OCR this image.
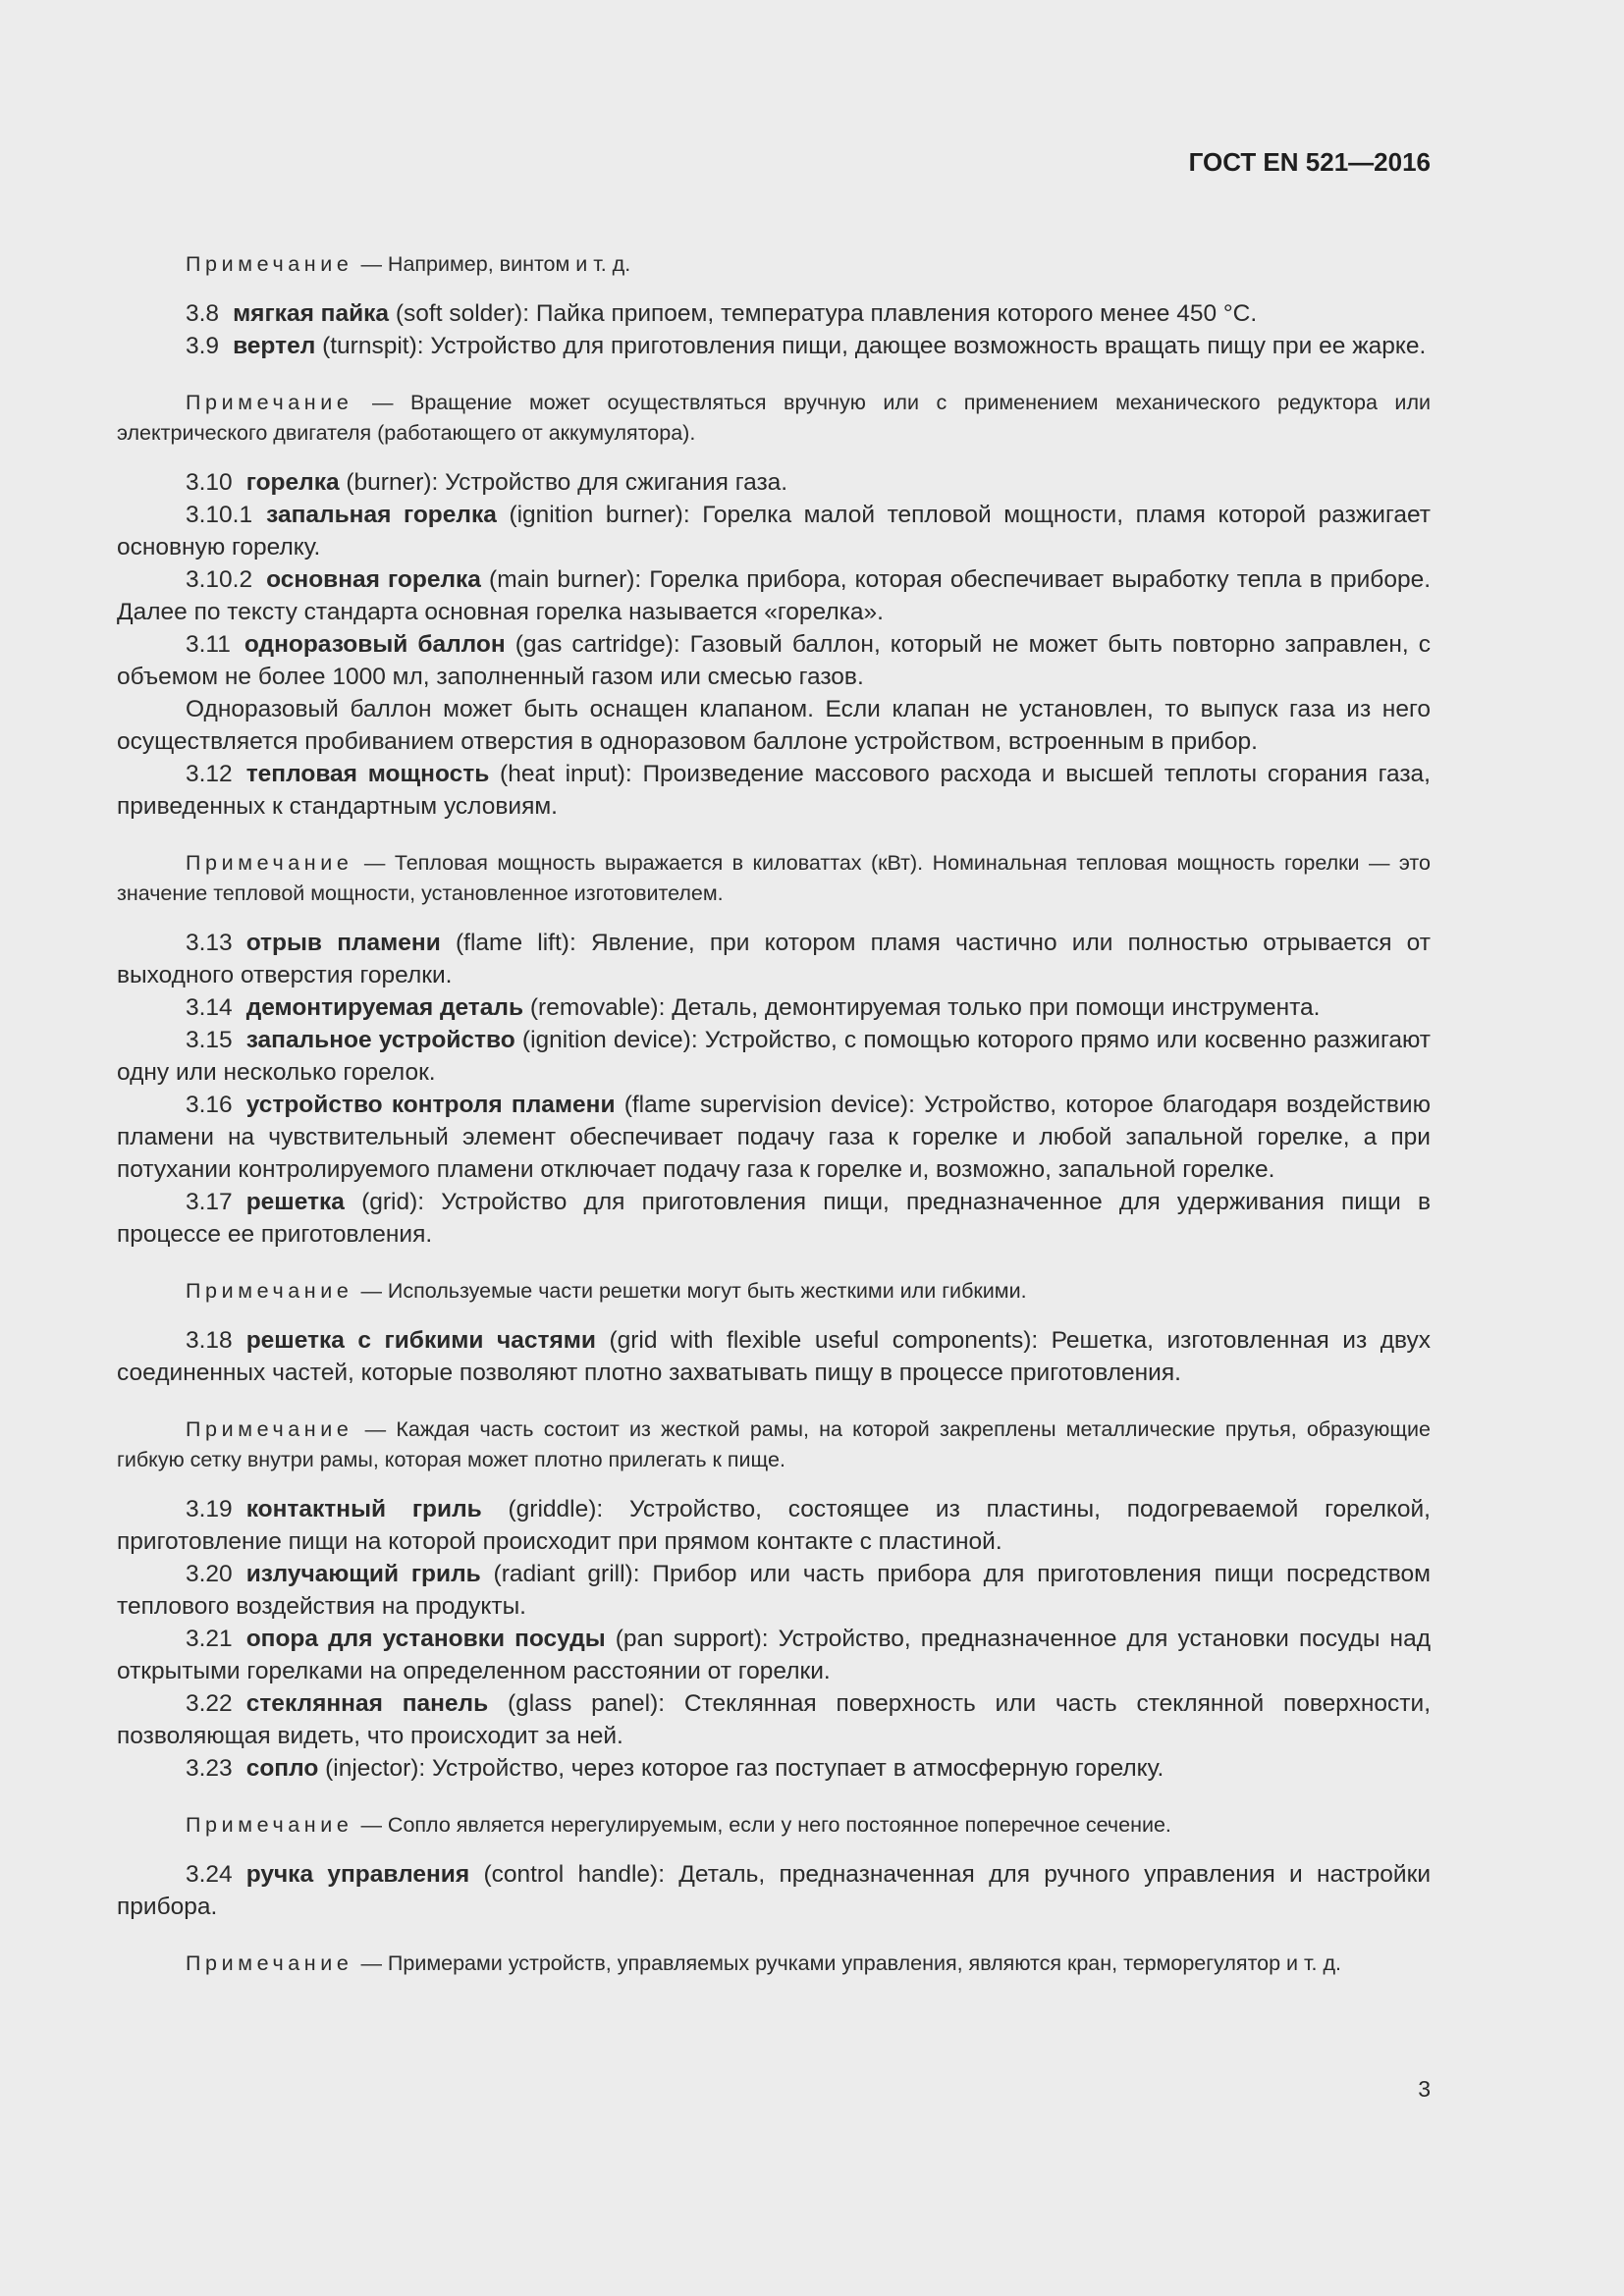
ГОСТ EN 521—2016

Примечание — Например, винтом и т. д.

3.8 мягкая пайка (soft solder): Пайка припоем, температура плавления которого менее 450 °С.

3.9 вертел (turnspit): Устройство для приготовления пищи, дающее возможность вращать пищу при ее жарке.

Примечание — Вращение может осуществляться вручную или с применением механического редуктора или электрического двигателя (работающего от аккумулятора).

3.10 горелка (burner): Устройство для сжигания газа.

3.10.1 запальная горелка (ignition burner): Горелка малой тепловой мощности, пламя которой разжигает основную горелку.

3.10.2 основная горелка (main burner): Горелка прибора, которая обеспечивает выработку тепла в приборе. Далее по тексту стандарта основная горелка называется «горелка».

3.11 одноразовый баллон (gas cartridge): Газовый баллон, который не может быть повторно заправлен, с объемом не более 1000 мл, заполненный газом или смесью газов.

Одноразовый баллон может быть оснащен клапаном. Если клапан не установлен, то выпуск газа из него осуществляется пробиванием отверстия в одноразовом баллоне устройством, встроенным в прибор.

3.12 тепловая мощность (heat input): Произведение массового расхода и высшей теплоты сгорания газа, приведенных к стандартным условиям.

Примечание — Тепловая мощность выражается в киловаттах (кВт). Номинальная тепловая мощность горелки — это значение тепловой мощности, установленное изготовителем.

3.13 отрыв пламени (flame lift): Явление, при котором пламя частично или полностью отрывается от выходного отверстия горелки.

3.14 демонтируемая деталь (removable): Деталь, демонтируемая только при помощи инструмента.

3.15 запальное устройство (ignition device): Устройство, с помощью которого прямо или косвенно разжигают одну или несколько горелок.

3.16 устройство контроля пламени (flame supervision device): Устройство, которое благодаря воздействию пламени на чувствительный элемент обеспечивает подачу газа к горелке и любой запальной горелке, а при потухании контролируемого пламени отключает подачу газа к горелке и, возможно, запальной горелке.

3.17 решетка (grid): Устройство для приготовления пищи, предназначенное для удерживания пищи в процессе ее приготовления.

Примечание — Используемые части решетки могут быть жесткими или гибкими.

3.18 решетка с гибкими частями (grid with flexible useful components): Решетка, изготовленная из двух соединенных частей, которые позволяют плотно захватывать пищу в процессе приготовления.

Примечание — Каждая часть состоит из жесткой рамы, на которой закреплены металлические прутья, образующие гибкую сетку внутри рамы, которая может плотно прилегать к пище.

3.19 контактный гриль (griddle): Устройство, состоящее из пластины, подогреваемой горелкой, приготовление пищи на которой происходит при прямом контакте с пластиной.

3.20 излучающий гриль (radiant grill): Прибор или часть прибора для приготовления пищи посредством теплового воздействия на продукты.

3.21 опора для установки посуды (pan support): Устройство, предназначенное для установки посуды над открытыми горелками на определенном расстоянии от горелки.

3.22 стеклянная панель (glass panel): Стеклянная поверхность или часть стеклянной поверхности, позволяющая видеть, что происходит за ней.

3.23 сопло (injector): Устройство, через которое газ поступает в атмосферную горелку.

Примечание — Сопло является нерегулируемым, если у него постоянное поперечное сечение.

3.24 ручка управления (control handle): Деталь, предназначенная для ручного управления и настройки прибора.

Примечание — Примерами устройств, управляемых ручками управления, являются кран, терморегулятор и т. д.

3
